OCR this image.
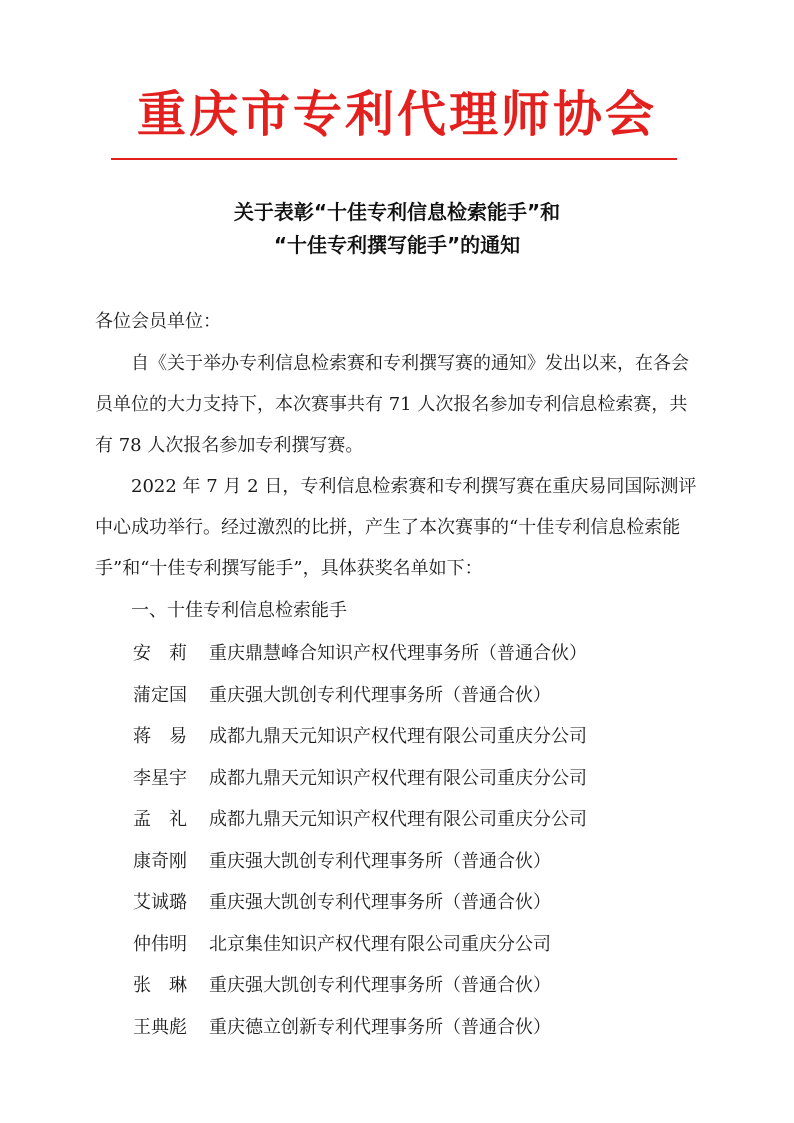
重庆市专利代理师协会
关于表彰“十佳专利信息检索能手”和
“十佳专利撰写能手”的通知
各位会员单位：
自《关于举办专利信息检索赛和专利撰写赛的通知》发出以来，在各会员单位的大力支持下，本次赛事共有 71 人次报名参加专利信息检索赛，共有 78 人次报名参加专利撰写赛。
2022 年 7 月 2 日，专利信息检索赛和专利撰写赛在重庆易同国际测评中心成功举行。经过激烈的比拼，产生了本次赛事的“十佳专利信息检索能手”和“十佳专利撰写能手”，具体获奖名单如下：
一、十佳专利信息检索能手
安　莉 重庆鼎慧峰合知识产权代理事务所（普通合伙）
蒲定国 重庆强大凯创专利代理事务所（普通合伙）
蒋　易 成都九鼎天元知识产权代理有限公司重庆分公司
李星宇 成都九鼎天元知识产权代理有限公司重庆分公司
孟　礼 成都九鼎天元知识产权代理有限公司重庆分公司
康奇刚 重庆强大凯创专利代理事务所（普通合伙）
艾诚璐 重庆强大凯创专利代理事务所（普通合伙）
仲伟明 北京集佳知识产权代理有限公司重庆分公司
张　琳 重庆强大凯创专利代理事务所（普通合伙）
王典彪 重庆德立创新专利代理事务所（普通合伙）
